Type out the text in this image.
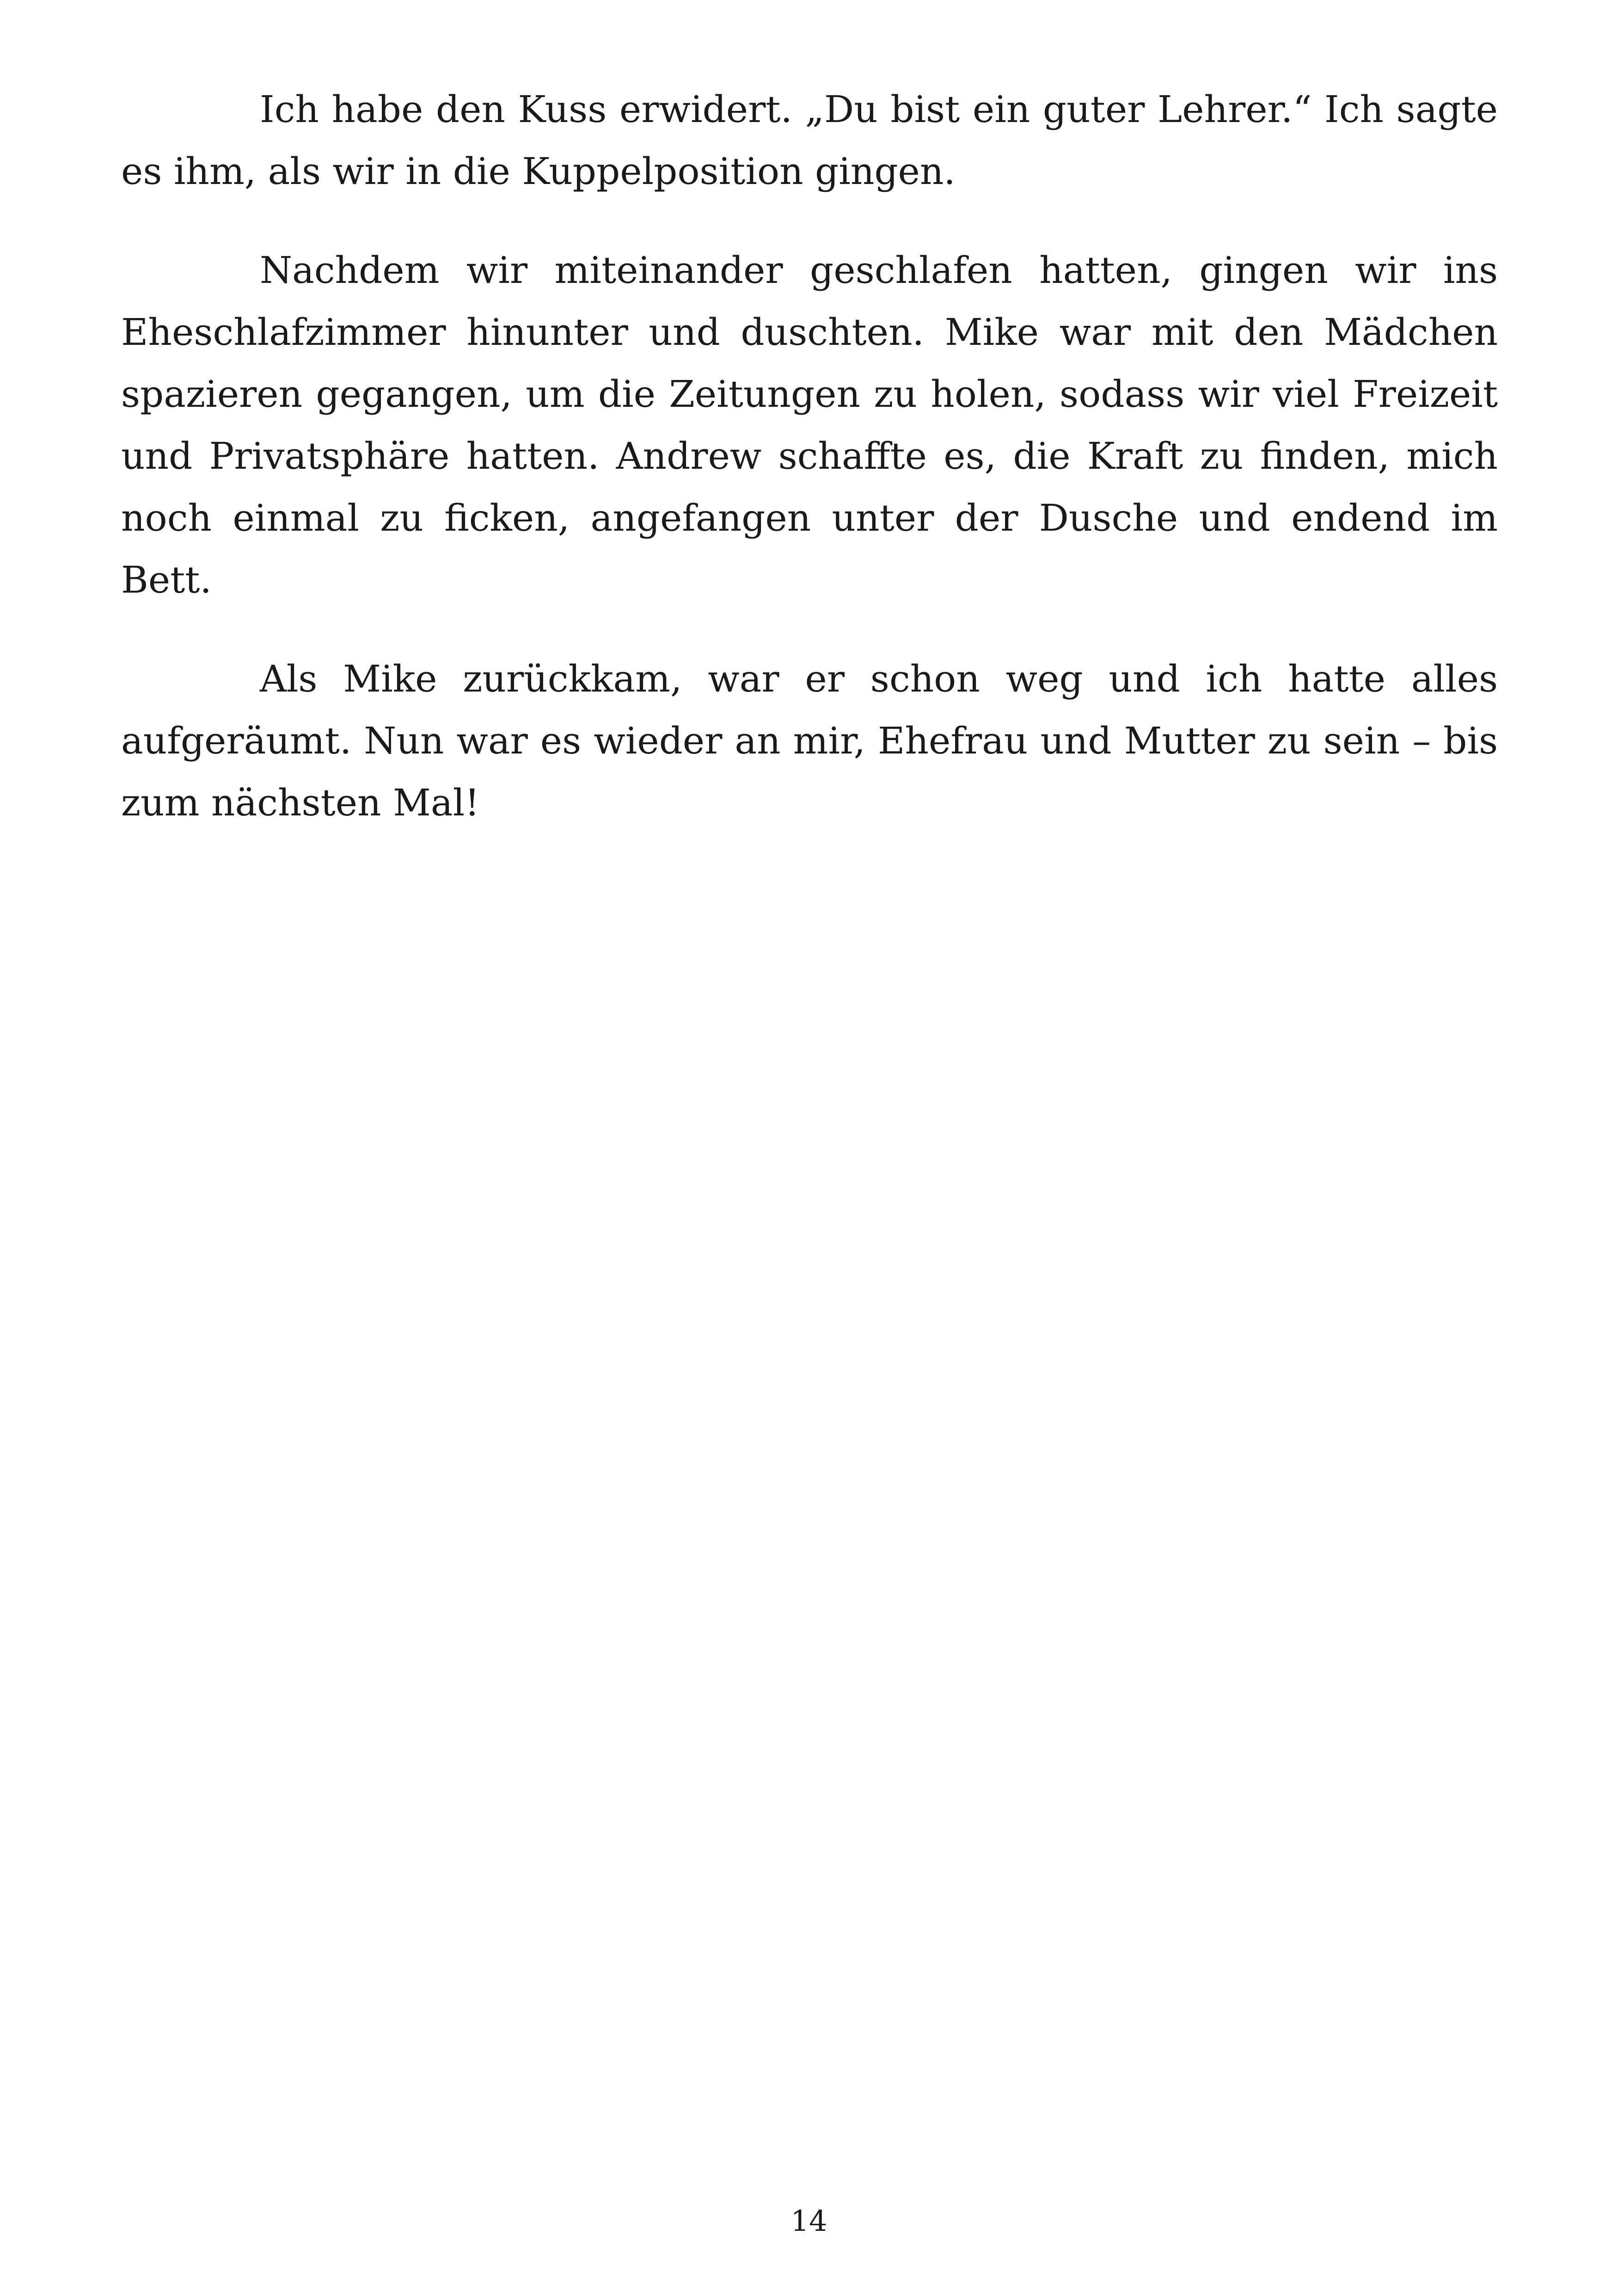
Ich habe den Kuss erwidert. „Du bist ein guter Lehrer.“ Ich sagte es ihm, als wir in die Kuppelposition gingen.

Nachdem wir miteinander geschlafen hatten, gingen wir ins Eheschlafzimmer hinunter und duschten. Mike war mit den Mädchen spazieren gegangen, um die Zeitungen zu holen, sodass wir viel Freizeit und Privatsphäre hatten. Andrew schaffte es, die Kraft zu finden, mich noch einmal zu ficken, angefangen unter der Dusche und endend im Bett.

Als Mike zurückkam, war er schon weg und ich hatte alles aufgeräumt. Nun war es wieder an mir, Ehefrau und Mutter zu sein – bis zum nächsten Mal!

14
